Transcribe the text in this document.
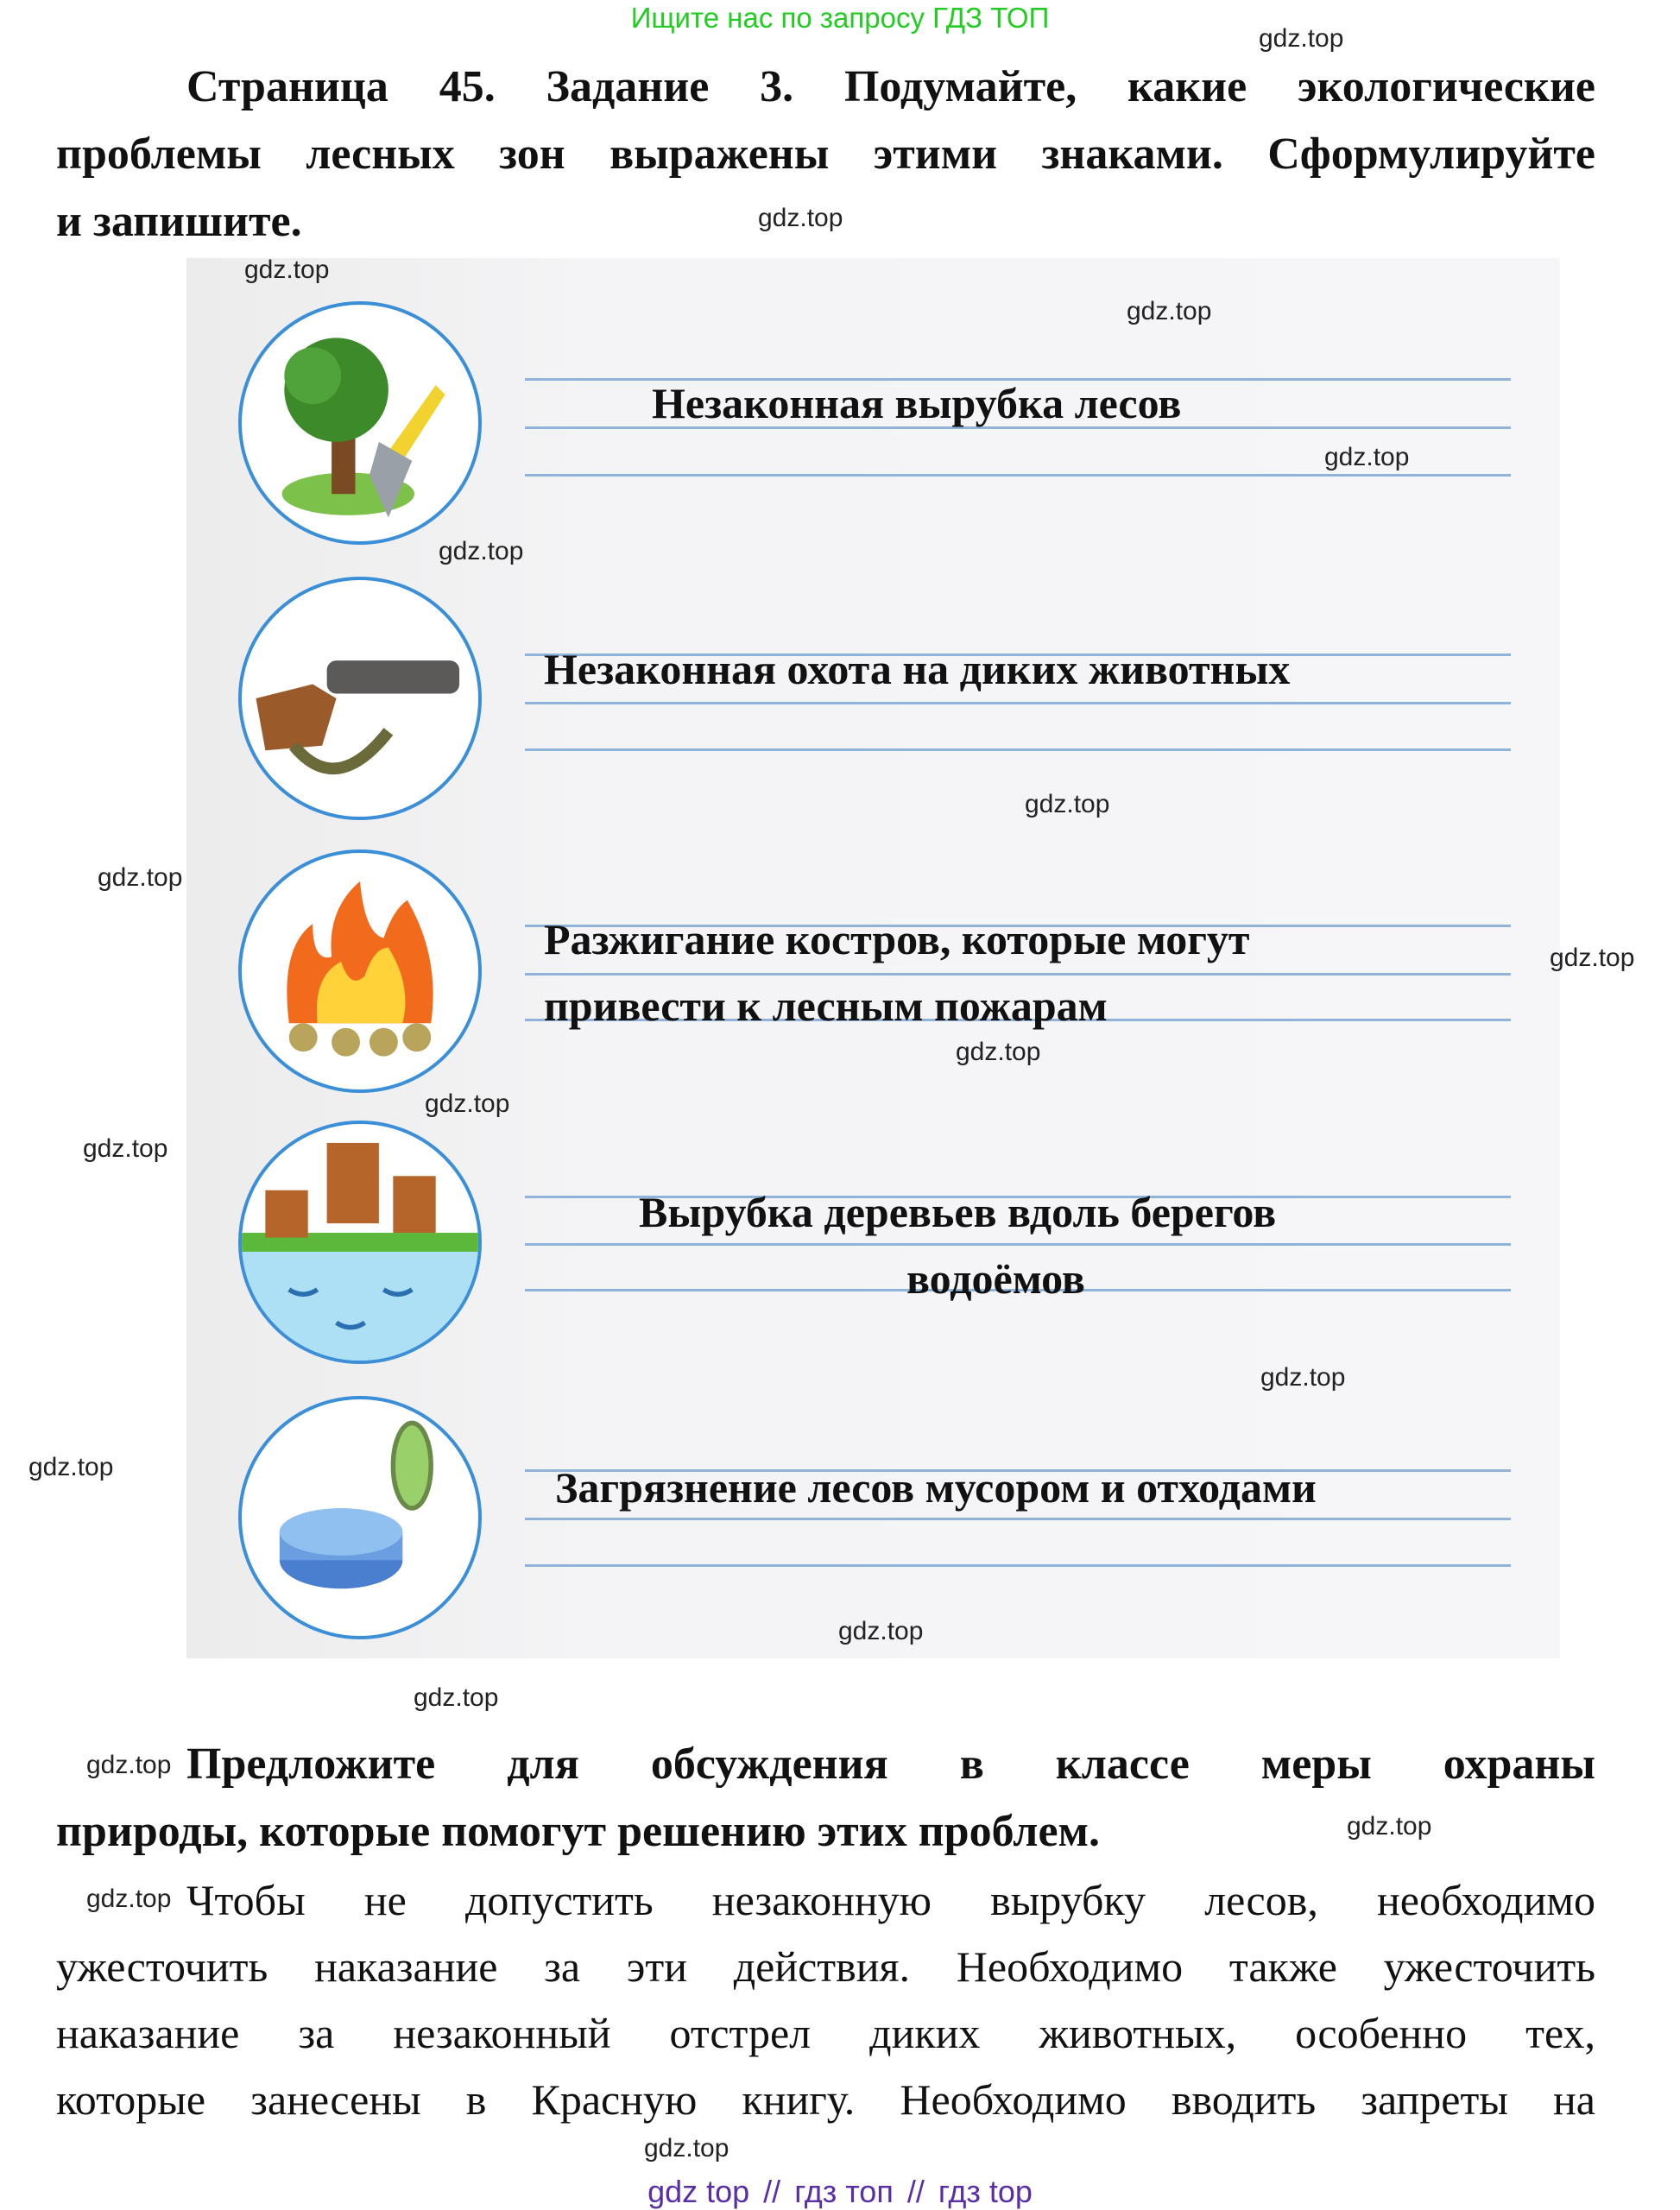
Ищите нас по запросу ГДЗ ТОП
Страница 45. Задание 3. Подумайте, какие экологические
проблемы лесных зон выражены этими знаками. Сформулируйте
и запишите.
Незаконная вырубка лесов
Незаконная охота на диких животных
Разжигание костров, которые могут
привести к лесным пожарам
Вырубка деревьев вдоль берегов
водоёмов
Загрязнение лесов мусором и отходами
Предложите для обсуждения в классе меры охраны
природы, которые помогут решению этих проблем.
Чтобы не допустить незаконную вырубку лесов, необходимо
ужесточить наказание за эти действия. Необходимо также ужесточить
наказание за незаконный отстрел диких животных, особенно тех,
которые занесены в Красную книгу. Необходимо вводить запреты на
gdz.top
gdz.top
gdz.top
gdz.top
gdz.top
gdz.top
gdz.top
gdz.top
gdz.top
gdz.top
gdz.top
gdz.top
gdz.top
gdz.top
gdz.top
gdz.top
gdz.top
gdz.top
gdz.top
gdz.top
gdz top // гдз топ // гдз top
